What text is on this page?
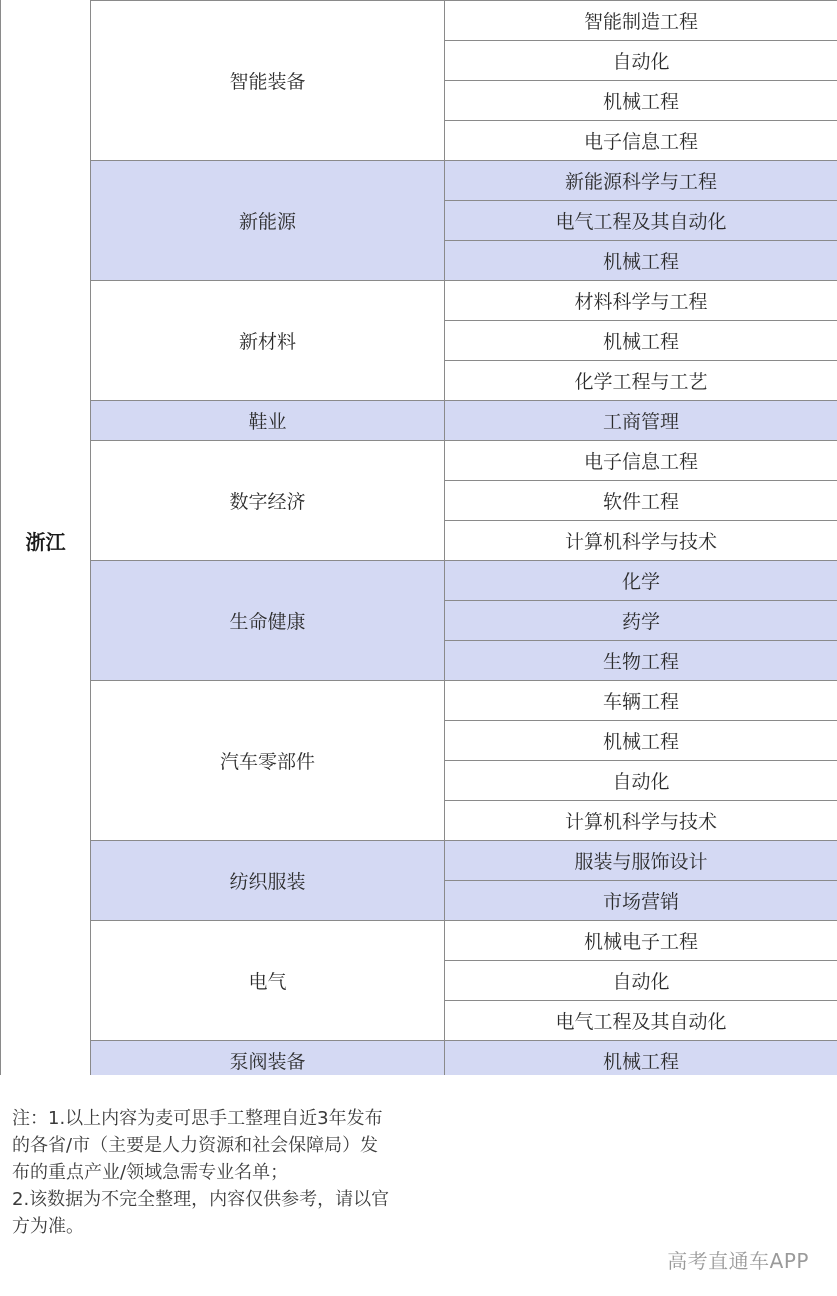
浙江
智能装备
智能制造工程
自动化
机械工程
电子信息工程
新能源
新能源科学与工程
电气工程及其自动化
机械工程
新材料
材料科学与工程
机械工程
化学工程与工艺
鞋业	工商管理
数字经济
电子信息工程
软件工程
计算机科学与技术
生命健康
化学
药学
生物工程
汽车零部件
车辆工程
机械工程
自动化
计算机科学与技术
纺织服装
服装与服饰设计
市场营销
电气
机械电子工程
自动化
电气工程及其自动化
泵阀装备	机械工程

注：1.以上内容为麦可思手工整理自近3年发布的各省/市（主要是人力资源和社会保障局）发布的重点产业/领域急需专业名单；

2.该数据为不完全整理，内容仅供参考，请以官方为准。

高考直通车APP
